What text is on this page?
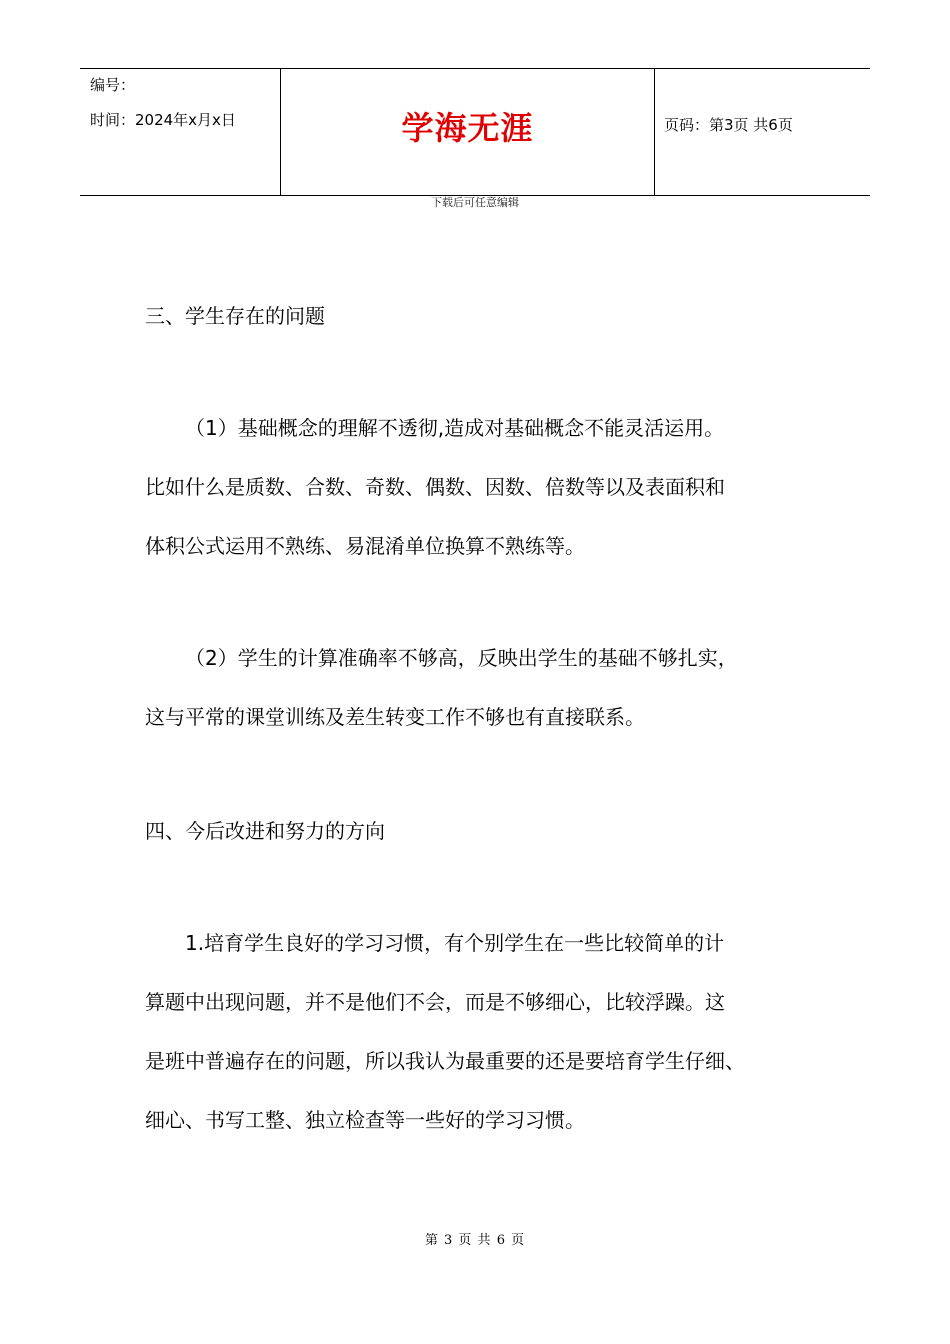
编号：
时间：2024年x月x日	学海无涯	页码：第3页 共6页
下载后可任意编辑
三、学生存在的问题
（1）基础概念的理解不透彻,造成对基础概念不能灵活运用。
比如什么是质数、合数、奇数、偶数、因数、倍数等以及表面积和
体积公式运用不熟练、易混淆单位换算不熟练等。
（2）学生的计算准确率不够高，反映出学生的基础不够扎实，
这与平常的课堂训练及差生转变工作不够也有直接联系。
四、今后改进和努力的方向
1.培育学生良好的学习习惯，有个别学生在一些比较简单的计
算题中出现问题，并不是他们不会，而是不够细心，比较浮躁。这
是班中普遍存在的问题，所以我认为最重要的还是要培育学生仔细、
细心、书写工整、独立检查等一些好的学习习惯。
第 3 页 共 6 页
